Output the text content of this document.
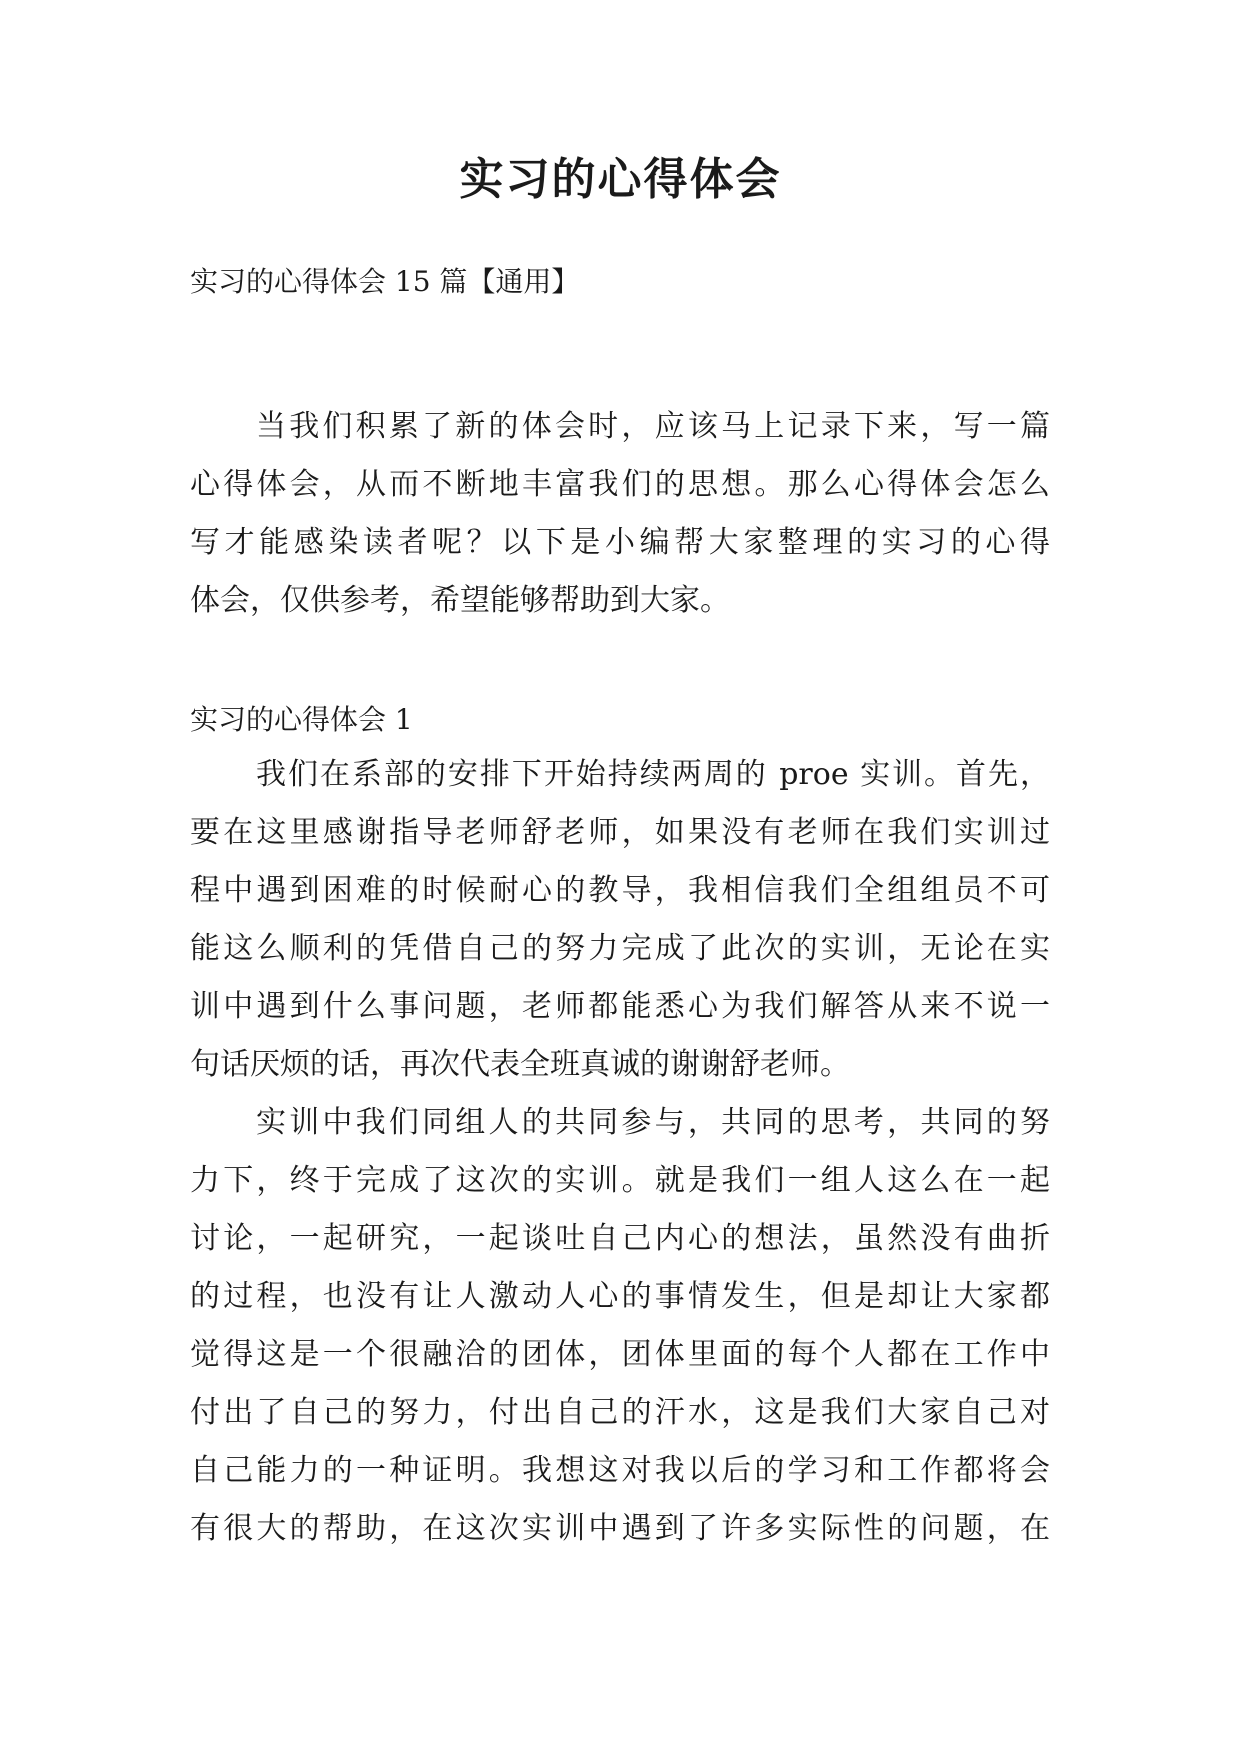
实习的心得体会

实习的心得体会 15 篇【通用】

当我们积累了新的体会时，应该马上记录下来，写一篇
心得体会，从而不断地丰富我们的思想。那么心得体会怎么
写才能感染读者呢？以下是小编帮大家整理的实习的心得
体会，仅供参考，希望能够帮助到大家。

实习的心得体会 1

我们在系部的安排下开始持续两周的 proe 实训。首先，
要在这里感谢指导老师舒老师，如果没有老师在我们实训过
程中遇到困难的时候耐心的教导，我相信我们全组组员不可
能这么顺利的凭借自己的努力完成了此次的实训，无论在实
训中遇到什么事问题，老师都能悉心为我们解答从来不说一
句话厌烦的话，再次代表全班真诚的谢谢舒老师。
实训中我们同组人的共同参与，共同的思考，共同的努
力下，终于完成了这次的实训。就是我们一组人这么在一起
讨论，一起研究，一起谈吐自己内心的想法，虽然没有曲折
的过程，也没有让人激动人心的事情发生，但是却让大家都
觉得这是一个很融洽的团体，团体里面的每个人都在工作中
付出了自己的努力，付出自己的汗水，这是我们大家自己对
自己能力的一种证明。我想这对我以后的学习和工作都将会
有很大的帮助，在这次实训中遇到了许多实际性的问题，在
